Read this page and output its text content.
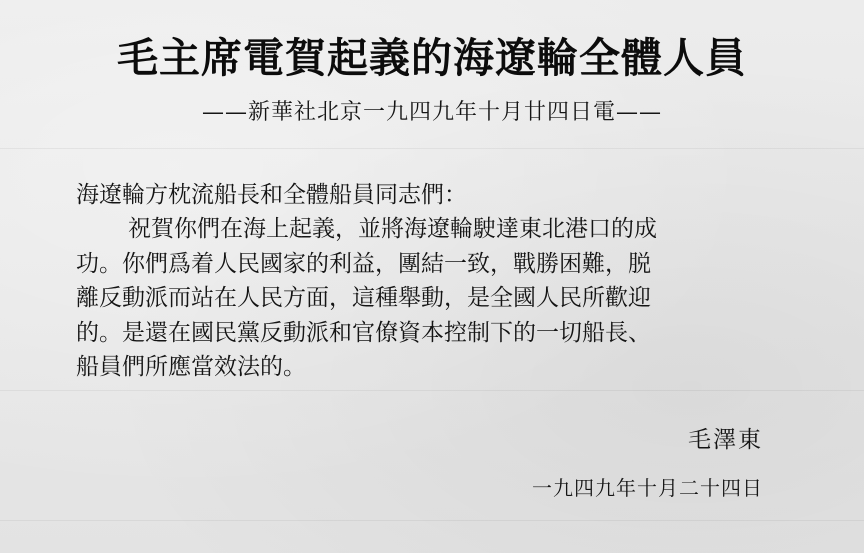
毛主席電賀起義的海遼輪全體人員
——新華社北京一九四九年十月廿四日電——

海遼輪方枕流船長和全體船員同志們：

祝賀你們在海上起義，並將海遼輪駛達東北港口的成

功。你們爲着人民國家的利益，團結一致，戰勝困難，脱

離反動派而站在人民方面，這種舉動，是全國人民所歡迎

的。是還在國民黨反動派和官僚資本控制下的一切船長、

船員們所應當效法的。

毛澤東
一九四九年十月二十四日
